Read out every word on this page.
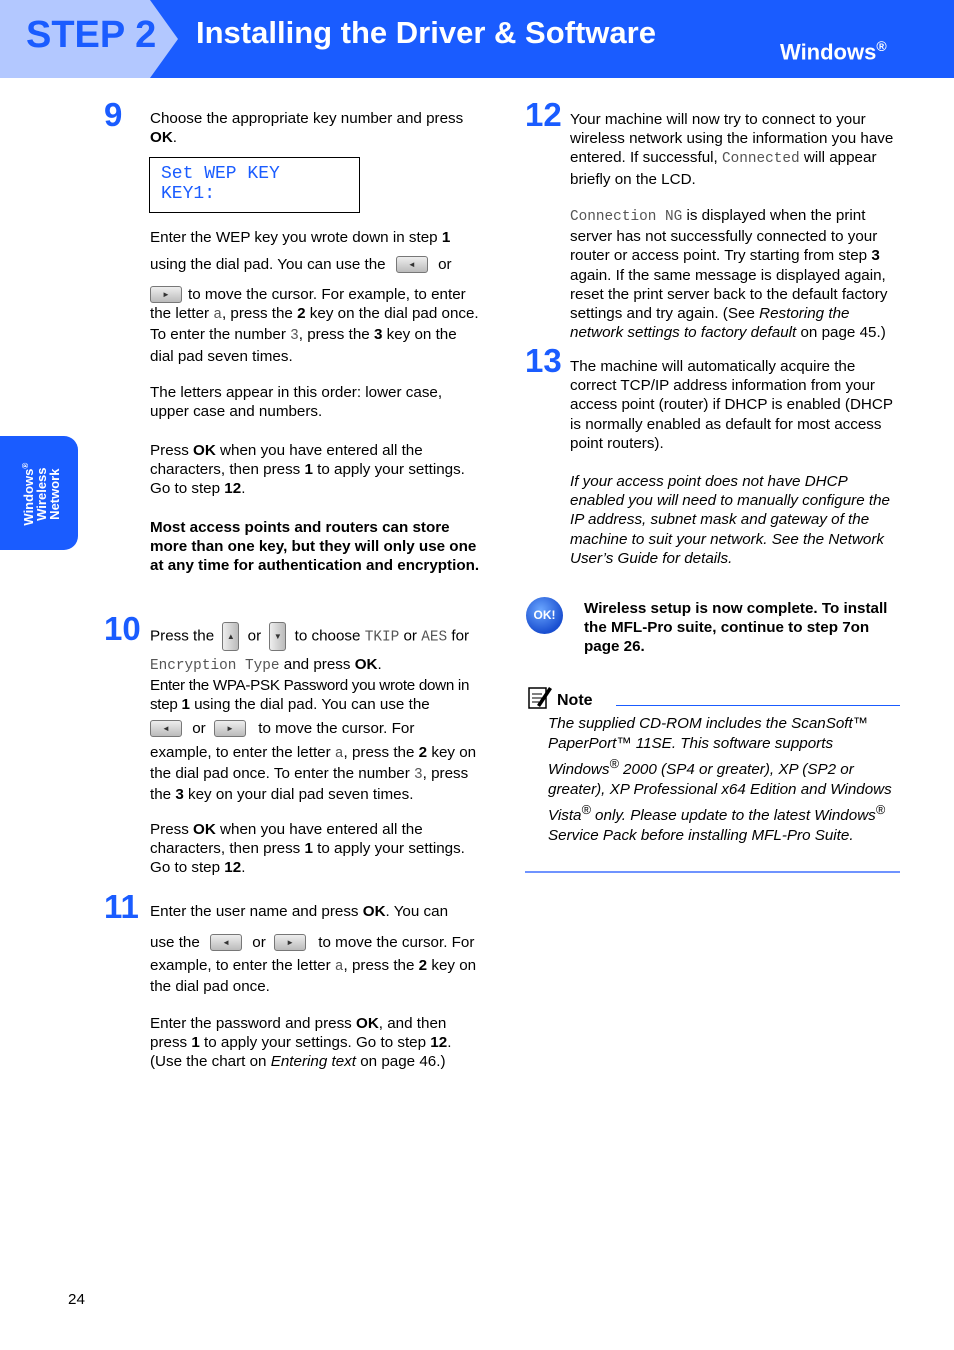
STEP 2 Installing the Driver & Software
Windows®
Windows®
Wireless
Network
9 Choose the appropriate key number and press OK.

Set WEP KEY
KEY1:

Enter the WEP key you wrote down in step 1

using the dial pad. You can use the	◄ or

► to move the cursor. For example, to enter the letter a, press the 2 key on the dial pad once. To enter the number 3, press the 3 key on the dial pad seven times.

The letters appear in this order: lower case, upper case and numbers.

Press OK when you have entered all the characters, then press 1 to apply your settings. Go to step 12.

Most access points and routers can store more than one key, but they will only use one at any time for authentication and encryption.

10 Press the ▲ or ▼ to choose TKIP or AES for

Encryption Type and press OK.
Enter the WPA-PSK Password you wrote down in step 1 using the dial pad. You can use the

◄ or	► to move the cursor. For

example, to enter the letter a, press the 2 key on the dial pad once. To enter the number 3, press the 3 key on your dial pad seven times.

Press OK when you have entered all the characters, then press 1 to apply your settings. Go to step 12.

11 Enter the user name and press OK. You can

use the	◄ or	► to move the cursor. For

example, to enter the letter a, press the 2 key on the dial pad once.

Enter the password and press OK, and then press 1 to apply your settings. Go to step 12. (Use the chart on Entering text on page 46.)

12 Your machine will now try to connect to your wireless network using the information you have entered. If successful, Connected will appear briefly on the LCD.

Connection NG is displayed when the print server has not successfully connected to your router or access point. Try starting from step 3 again. If the same message is displayed again, reset the print server back to the default factory settings and try again. (See Restoring the network settings to factory default on page 45.)

13 The machine will automatically acquire the correct TCP/IP address information from your access point (router) if DHCP is enabled (DHCP is normally enabled as default for most access point routers).

If your access point does not have DHCP enabled you will need to manually configure the IP address, subnet mask and gateway of the machine to suit your network. See the Network User’s Guide for details.

OK!	Wireless setup is now complete. To install the MFL-Pro suite, continue to step 7on page 26.

Note

The supplied CD-ROM includes the ScanSoft™ PaperPort™ 11SE. This software supports Windows® 2000 (SP4 or greater), XP (SP2 or greater), XP Professional x64 Edition and Windows Vista® only. Please update to the latest Windows® Service Pack before installing MFL-Pro Suite.

24
